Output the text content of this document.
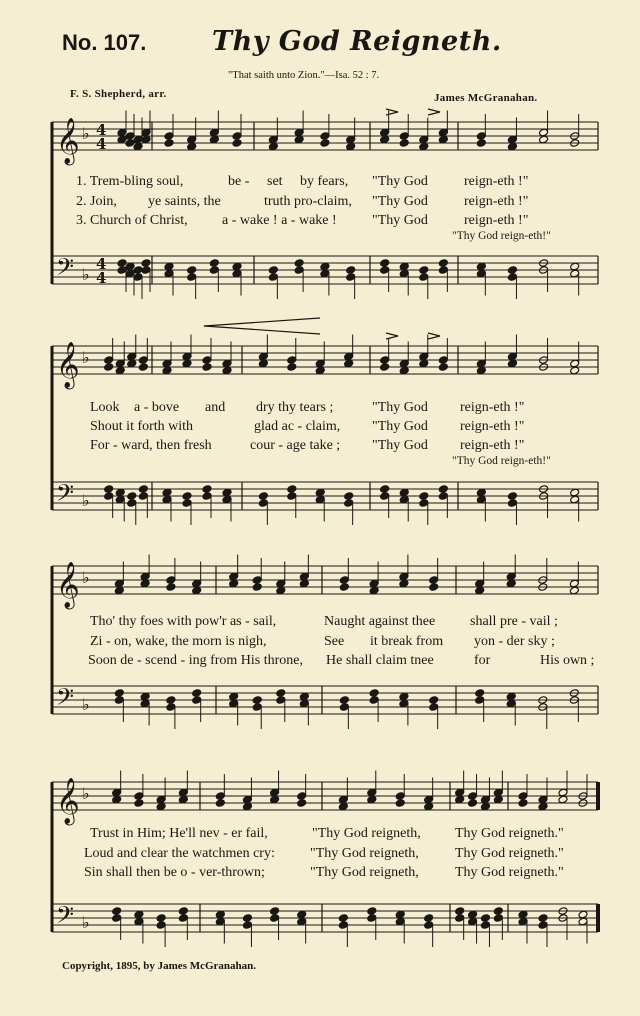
𝄞
𝄢
♭
♭
4
4
4
4
𝄞
𝄢
♭
♭
𝄞
𝄢
♭
♭
𝄞
𝄢
♭
♭
No. 107. Thy God Reigneth.
"That saith unto Zion."—Isa. 52 : 7.
F. S. Shepherd, arr.	James McGranahan.
1. Trem-bling soul,	be - set by fears, "Thy God	reign-eth !"
2. Join, ye saints, the	truth pro-claim, "Thy God	reign-eth !"
3. Church of Christ, a - wake ! a - wake !	"Thy God	reign-eth !"
"Thy God reign-eth!"
Look a - bove and dry thy tears ;	"Thy God reign-eth !"
Shout it forth with	glad ac - claim, "Thy God reign-eth !"
For - ward, then fresh	cour - age take ; "Thy God reign-eth !"
"Thy God reign-eth!"
Tho' thy foes with pow'r as - sail,	Naught against thee shall pre - vail ;
Zi - on, wake, the morn is nigh,	See it break from yon - der sky ;
Soon de - scend - ing from His throne, He shall claim tnee	for	His own ;
Trust in Him; He'll nev - er fail,	"Thy God reigneth, Thy God reigneth."
Loud and clear the watchmen cry:	"Thy God reigneth,	Thy God reigneth."
Sin shall then be o - ver-thrown;	"Thy God reigneth,	Thy God reigneth."
Copyright, 1895, by James McGranahan.
